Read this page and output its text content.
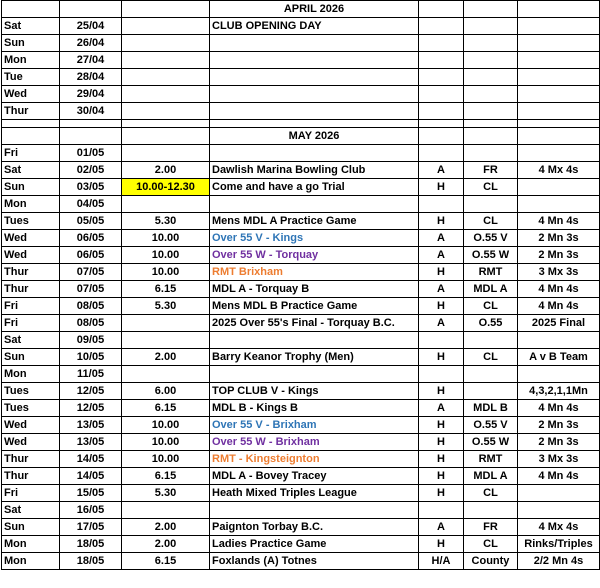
			APRIL 2026			
Sat	25/04		CLUB OPENING DAY			
Sun	26/04					
Mon	27/04					
Tue	28/04					
Wed	29/04					
Thur	30/04					

			MAY 2026			
Fri	01/05					
Sat	02/05	2.00	Dawlish Marina Bowling Club	A	FR	4 Mx 4s
Sun	03/05	10.00-12.30	Come and have a go Trial	H	CL	
Mon	04/05					
Tues	05/05	5.30	Mens MDL A Practice Game	H	CL	4 Mn 4s
Wed	06/05	10.00	Over 55 V - Kings	A	O.55 V	2 Mn 3s
Wed	06/05	10.00	Over 55 W - Torquay	A	O.55 W	2 Mn 3s
Thur	07/05	10.00	RMT Brixham	H	RMT	3 Mx 3s
Thur	07/05	6.15	MDL A - Torquay B	A	MDL A	4 Mn 4s
Fri	08/05	5.30	Mens MDL B Practice Game	H	CL	4 Mn 4s
Fri	08/05		2025 Over 55's Final - Torquay B.C.	A	O.55	2025 Final
Sat	09/05					
Sun	10/05	2.00	Barry Keanor Trophy (Men)	H	CL	A v B Team
Mon	11/05					
Tues	12/05	6.00	TOP CLUB V - Kings	H		4,3,2,1,1Mn
Tues	12/05	6.15	MDL B - Kings B	A	MDL B	4 Mn 4s
Wed	13/05	10.00	Over 55 V - Brixham	H	O.55 V	2 Mn 3s
Wed	13/05	10.00	Over 55 W - Brixham	H	O.55 W	2 Mn 3s
Thur	14/05	10.00	RMT - Kingsteignton	H	RMT	3 Mx 3s
Thur	14/05	6.15	MDL A - Bovey Tracey	H	MDL A	4 Mn 4s
Fri	15/05	5.30	Heath Mixed Triples League	H	CL	
Sat	16/05					
Sun	17/05	2.00	Paignton Torbay B.C.	A	FR	4 Mx 4s
Mon	18/05	2.00	Ladies Practice Game	H	CL	Rinks/Triples
Mon	18/05	6.15	Foxlands (A) Totnes	H/A	County	2/2 Mn 4s
